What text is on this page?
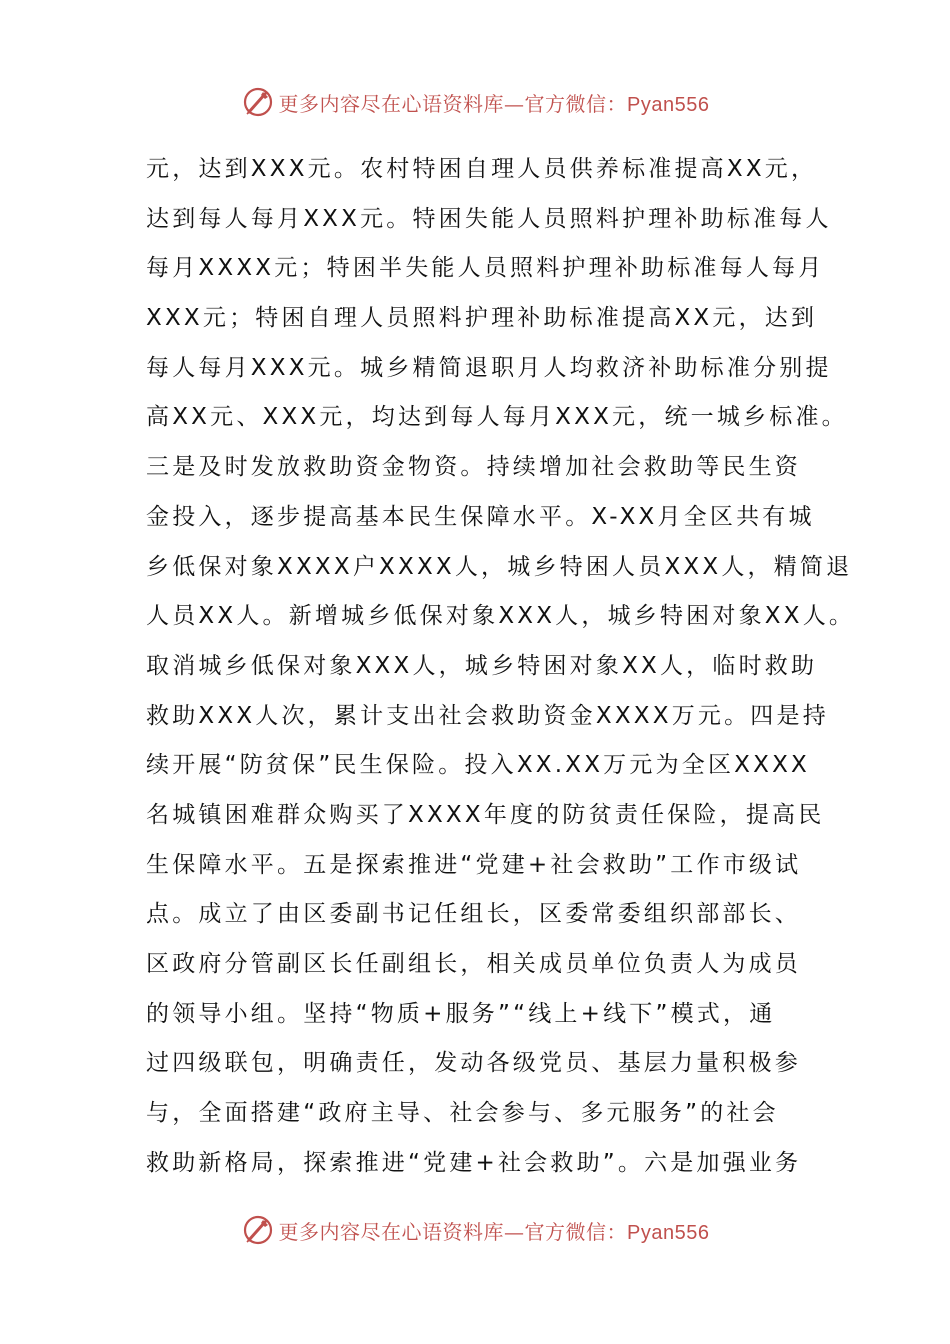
更多内容尽在心语资料库—官方微信：Pyan556
元，达到XXX元。农村特困自理人员供养标准提高XX元，
达到每人每月XXX元。特困失能人员照料护理补助标准每人
每月XXXX元；特困半失能人员照料护理补助标准每人每月
XXX元；特困自理人员照料护理补助标准提高XX元，达到
每人每月XXX元。城乡精简退职月人均救济补助标准分别提
高XX元、XXX元，均达到每人每月XXX元，统一城乡标准。
三是及时发放救助资金物资。持续增加社会救助等民生资
金投入，逐步提高基本民生保障水平。X-XX月全区共有城
乡低保对象XXXX户XXXX人，城乡特困人员XXX人，精简退
人员XX人。新增城乡低保对象XXX人，城乡特困对象XX人。
取消城乡低保对象XXX人，城乡特困对象XX人，临时救助
救助XXX人次，累计支出社会救助资金XXXX万元。四是持
续开展“防贫保”民生保险。投入XX.XX万元为全区XXXX
名城镇困难群众购买了XXXX年度的防贫责任保险，提高民
生保障水平。五是探索推进“党建+社会救助”工作市级试
点。成立了由区委副书记任组长，区委常委组织部部长、
区政府分管副区长任副组长，相关成员单位负责人为成员
的领导小组。坚持“物质+服务”“线上+线下”模式，通
过四级联包，明确责任，发动各级党员、基层力量积极参
与，全面搭建“政府主导、社会参与、多元服务”的社会
救助新格局，探索推进“党建+社会救助”。六是加强业务
更多内容尽在心语资料库—官方微信：Pyan556
